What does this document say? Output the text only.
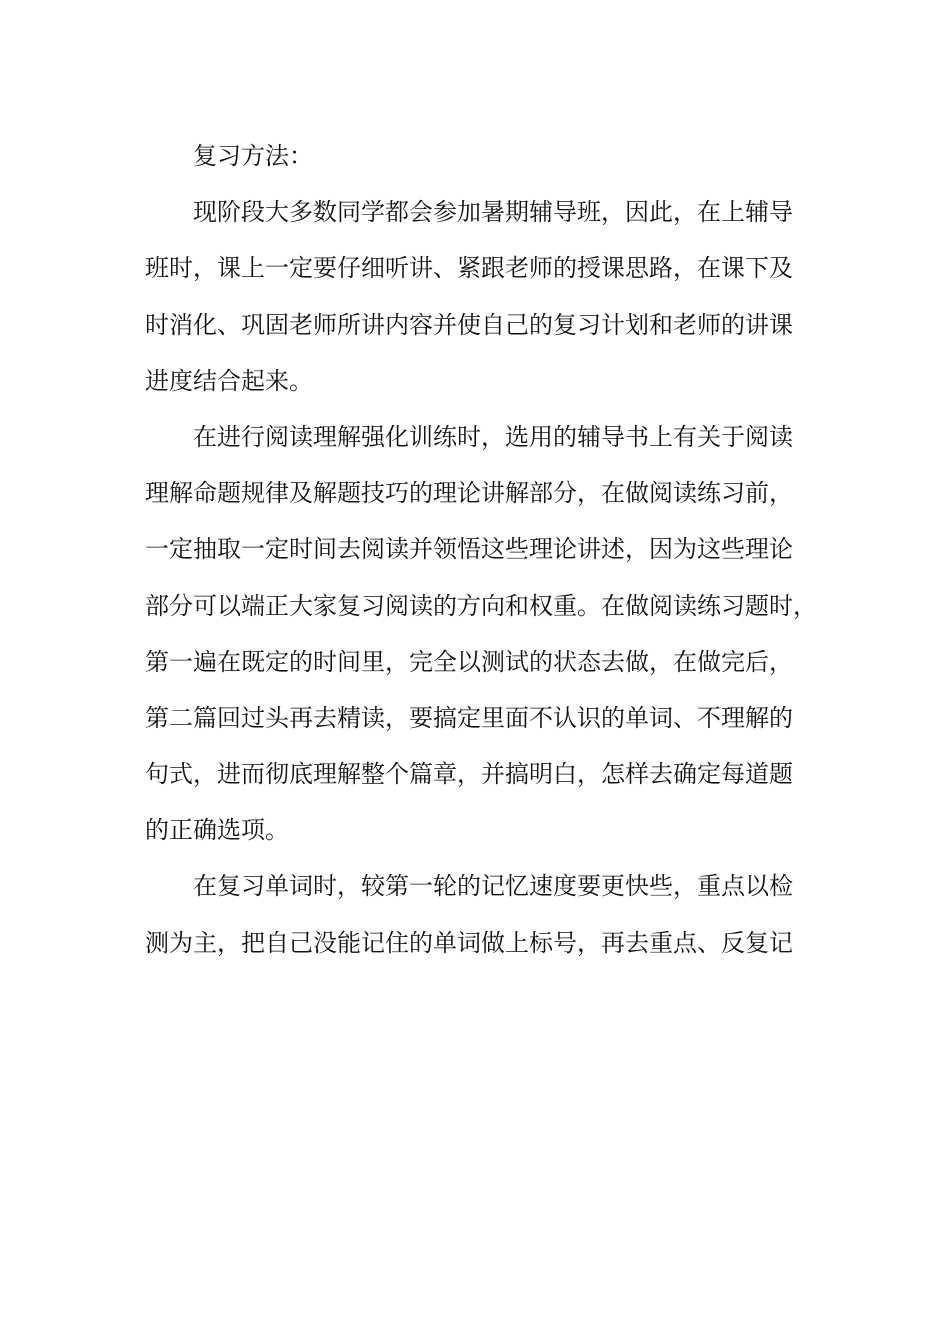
复习方法：
现阶段大多数同学都会参加暑期辅导班，因此，在上辅导
班时，课上一定要仔细听讲、紧跟老师的授课思路，在课下及
时消化、巩固老师所讲内容并使自己的复习计划和老师的讲课
进度结合起来。
在进行阅读理解强化训练时，选用的辅导书上有关于阅读
理解命题规律及解题技巧的理论讲解部分，在做阅读练习前，
一定抽取一定时间去阅读并领悟这些理论讲述，因为这些理论
部分可以端正大家复习阅读的方向和权重。在做阅读练习题时，
第一遍在既定的时间里，完全以测试的状态去做，在做完后，
第二篇回过头再去精读，要搞定里面不认识的单词、不理解的
句式，进而彻底理解整个篇章，并搞明白，怎样去确定每道题
的正确选项。
在复习单词时，较第一轮的记忆速度要更快些，重点以检
测为主，把自己没能记住的单词做上标号，再去重点、反复记
